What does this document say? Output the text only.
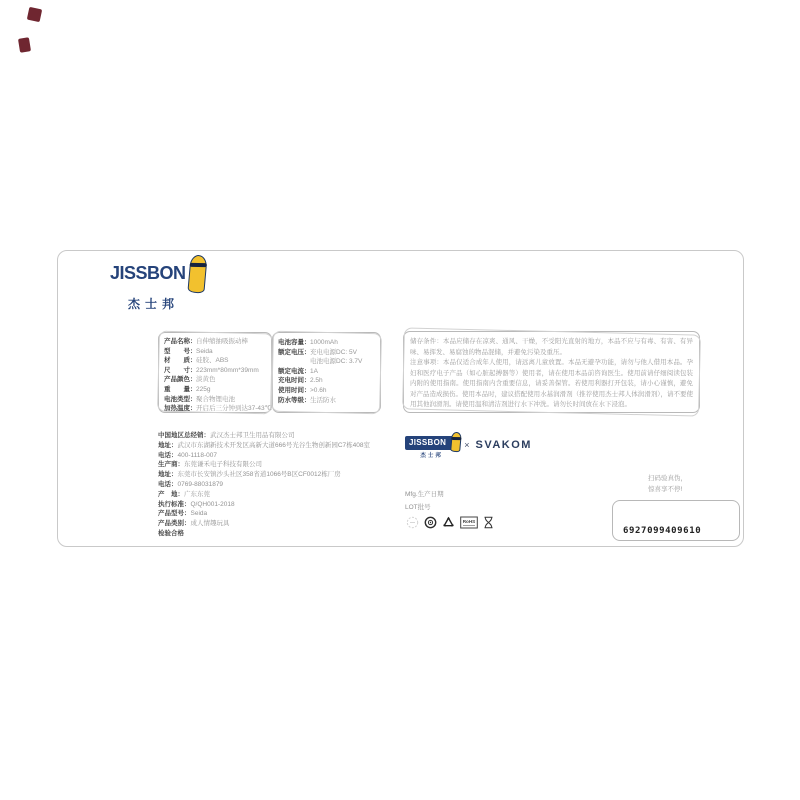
JISSBON
杰士邦
产品名称： 自伸缩抽吸振动棒
型　　号： Seida
材　　质： 硅胶、ABS
尺　　寸： 223mm*80mm*39mm
产品颜色： 淡黄色
重　　量： 225g
电池类型： 聚合物锂电池
加热温度： 开启后三分钟到达37-43℃
电池容量： 1000mAh
额定电压： 充电电源DC: 5V
电池电源DC: 3.7V
额定电流： 1A
充电时间： 2.5h
使用时间： >0.6h
防水等级： 生活防水

储存条件：本品应储存在凉爽、通风、干燥，不受阳光直射的地方，本品不应与有毒、有害、有异味、易挥发、易腐蚀的物品混储，并避免污染及重压。

注意事项：本品仅适合成年人使用，请远离儿童放置。本品无避孕功能，请勿与他人借用本品。孕妇和医疗电子产品（如心脏起搏器等）使用者，请在使用本品前咨询医生。使用前请仔细阅读包装内附的使用指南。使用指南内含重要信息，请妥善保管。若使用利器打开包装，请小心谨慎，避免对产品造成损伤。使用本品时，建议搭配使用水基润滑剂（推荐使用杰士邦人体润滑剂），请不要使用其他润滑剂。请使用温和清洁剂进行水下冲洗。请勿长时间放在水下浸泡。

中国地区总经销：武汉杰士邦卫生用品有限公司
地址：武汉市东湖新技术开发区高新大道666号光谷生物创新园C7栋408室
电话：400-1118-007
生产商：东莞谦禾电子科技有限公司
地址：东莞市长安镇沙头社区358省道1066号B区CF0012栋厂房
电话：0769-88031879
产　地：广东东莞
执行标准：Q/QH001-2018
产品型号：Seida
产品类别：成人情趣玩具
检验合格
JISSBON
杰士邦
× SVAKOM
Mfg.生产日期
LOT批号
RoHS
扫码验真伪，
惊喜享不停!
6927099409610
